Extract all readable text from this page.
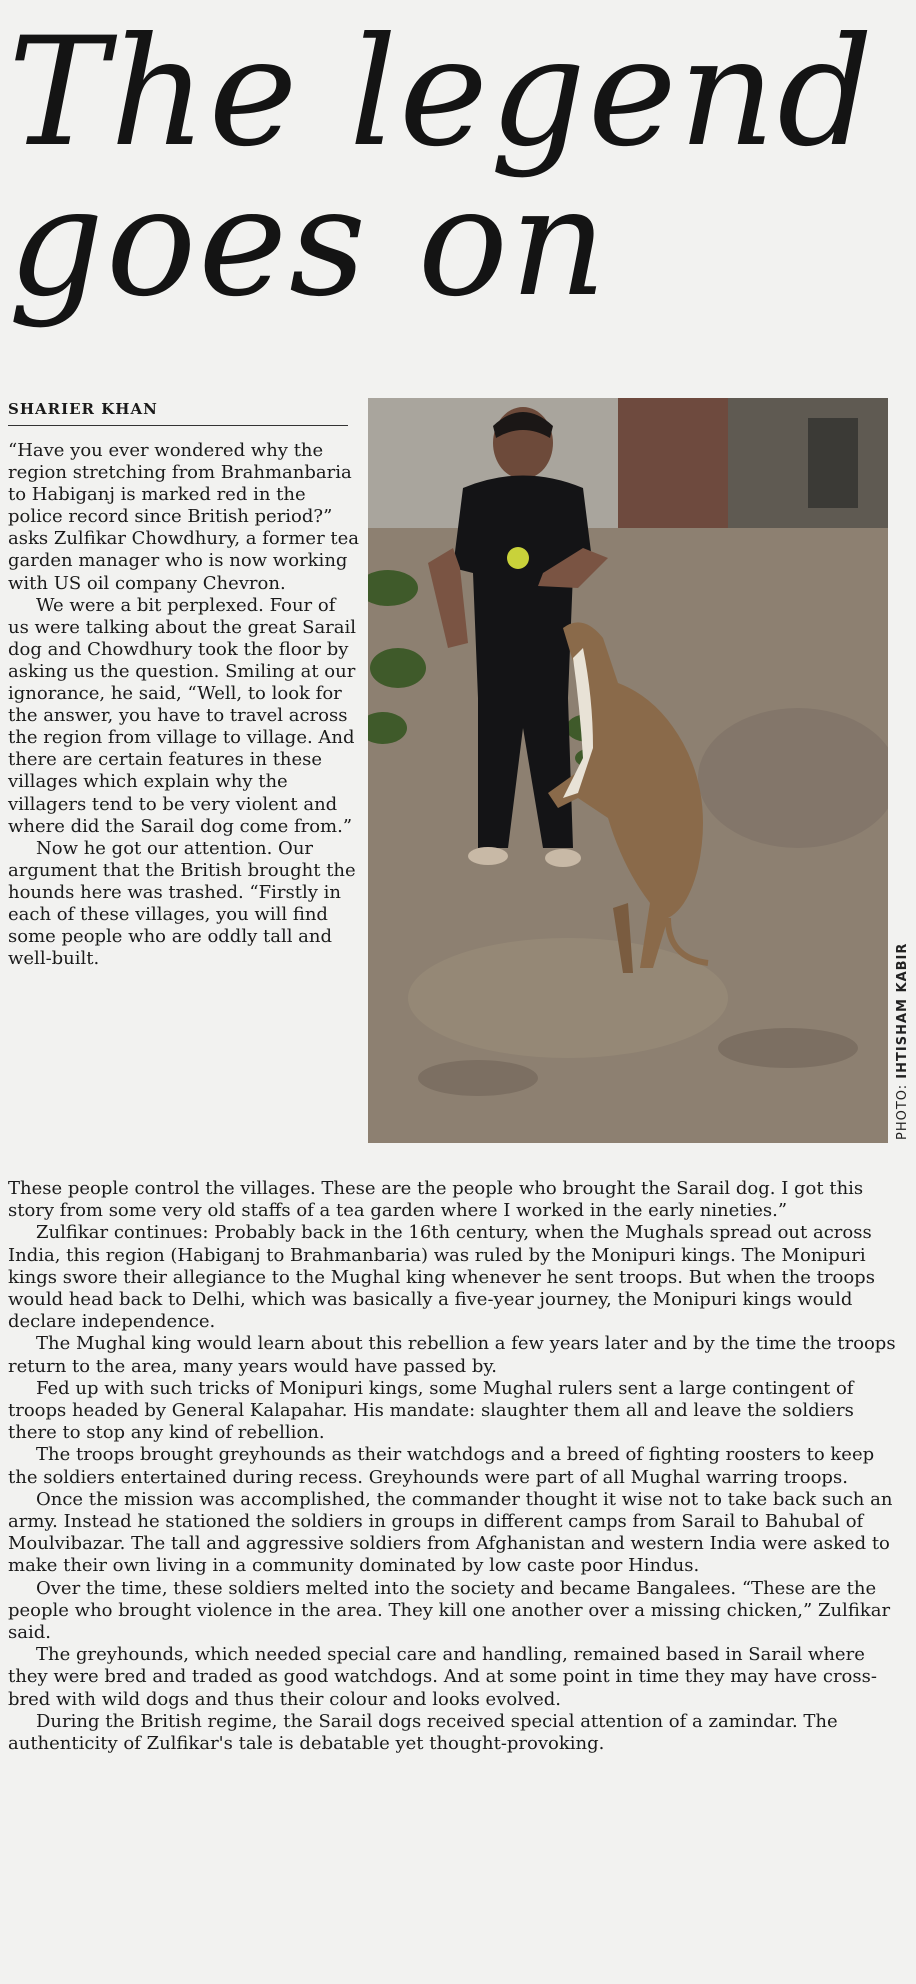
The legend
goes on
SHARIER KHAN

“Have you ever wondered why the region stretching from Brahmanbaria to Habiganj is marked red in the police record since British period?” asks Zulfikar Chowdhury, a former tea garden manager who is now working with US oil company Chevron.

We were a bit perplexed. Four of us were talking about the great Sarail dog and Chowdhury took the floor by asking us the question. Smiling at our ignorance, he said, “Well, to look for the answer, you have to travel across the region from village to village. And there are certain features in these villages which explain why the villagers tend to be very violent and where did the Sarail dog come from.”

Now he got our attention. Our argument that the British brought the hounds here was trashed. “Firstly in each of these villages, you will find some people who are oddly tall and well-built.

PHOTO: IHTISHAM KABIR

These people control the villages. These are the people who brought the Sarail dog. I got this story from some very old staffs of a tea garden where I worked in the early nineties.”

Zulfikar continues: Probably back in the 16th century, when the Mughals spread out across India, this region (Habiganj to Brahmanbaria) was ruled by the Monipuri kings. The Monipuri kings swore their allegiance to the Mughal king whenever he sent troops. But when the troops would head back to Delhi, which was basically a five-year journey, the Monipuri kings would declare independence.

The Mughal king would learn about this rebellion a few years later and by the time the troops return to the area, many years would have passed by.

Fed up with such tricks of Monipuri kings, some Mughal rulers sent a large contingent of troops headed by General Kalapahar. His mandate: slaughter them all and leave the soldiers there to stop any kind of rebellion.

The troops brought greyhounds as their watchdogs and a breed of fighting roosters to keep the soldiers entertained during recess. Greyhounds were part of all Mughal warring troops.

Once the mission was accomplished, the commander thought it wise not to take back such an army. Instead he stationed the soldiers in groups in different camps from Sarail to Bahubal of Moulvibazar. The tall and aggressive soldiers from Afghanistan and western India were asked to make their own living in a community dominated by low caste poor Hindus.

Over the time, these soldiers melted into the society and became Bangalees. “These are the people who brought violence in the area. They kill one another over a missing chicken,” Zulfikar said.

The greyhounds, which needed special care and handling, remained based in Sarail where they were bred and traded as good watchdogs. And at some point in time they may have cross-bred with wild dogs and thus their colour and looks evolved.

During the British regime, the Sarail dogs received special attention of a zamindar. The authenticity of Zulfikar's tale is debatable yet thought-provoking.
